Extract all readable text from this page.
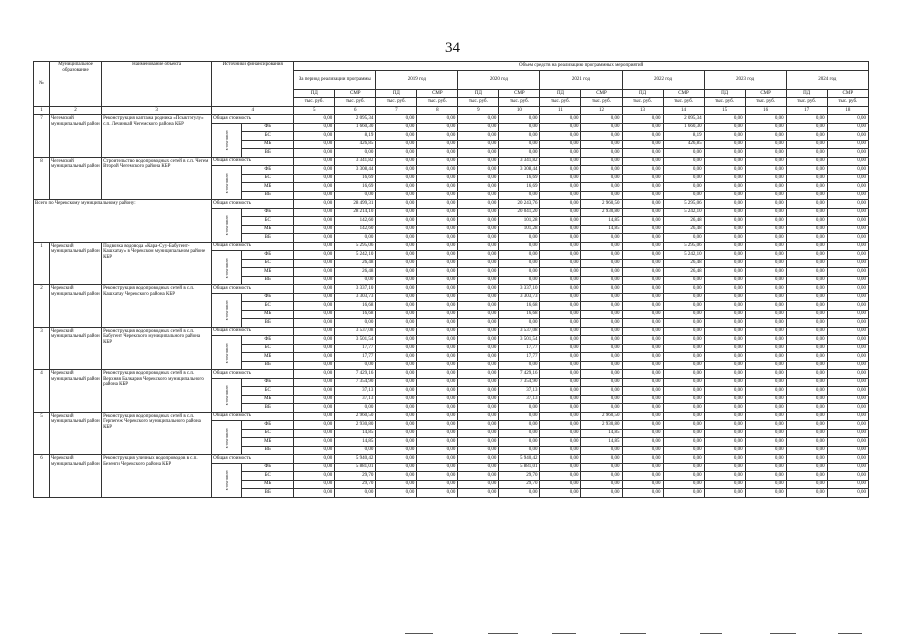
34
№	Муниципальное образование	Наименование объекта	Источники финансирования		Объем средств на реализацию программных мероприятий													
					За период реализации программы		2019 год		2020 год		2021 год		2022 год		2023 год		2024 год	
					ПД	СМР	ПД	СМР	ПД	СМР	ПД	СМР	ПД	СМР	ПД	СМР	ПД	СМР
					тыс. руб.	тыс. руб.	тыс. руб.	тыс. руб.	тыс. руб.	тыс. руб.	тыс. руб.	тыс. руб.	тыс. руб.	тыс. руб.	тыс. руб.	тыс. руб.	тыс. руб.	тыс. руб.
1	2	3	4		5	6	7	8	9	10	11	12	13	14	15	16	17	18
7	Чегемский муниципальный район	Реконструкция каптажа родника «Псыктэгулу» с.п. Лечинкай Чегемского района КБР	Общая стоимость		0,00	2 095,34	0,00	0,00	0,00	0,00	0,00	0,00	0,00	2 095,34	0,00	0,00	0,00	0,00

			в том числе:	ФБ	0,00	1 660,30	0,00	0,00	0,00	0,00	0,00	0,00	0,00	1 660,30	0,00	0,00	0,00	0,00
				БС	0,00	8,19	0,00	0,00	0,00	0,00	0,00	0,00	0,00	8,19	0,00	0,00	0,00	0,00
				МБ	0,00	426,85	0,00	0,00	0,00	0,00	0,00	0,00	0,00	426,85	0,00	0,00	0,00	0,00
				ВБ	0,00	0,00	0,00	0,00	0,00	0,00	0,00	0,00	0,00	0,00	0,00	0,00	0,00	0,00
8	Чегемский муниципальный район	Строительство водопроводных сетей в с.п. Чегем Второй Чегемского района КБР	Общая стоимость		0,00	3 341,82	0,00	0,00	0,00	3 341,82	0,00	0,00	0,00	0,00	0,00	0,00	0,00	0,00

			в том числе:	ФБ	0,00	3 308,44	0,00	0,00	0,00	3 308,44	0,00	0,00	0,00	0,00	0,00	0,00	0,00	0,00
				БС	0,00	16,69	0,00	0,00	0,00	16,69	0,00	0,00	0,00	0,00	0,00	0,00	0,00	0,00
				МБ	0,00	16,69	0,00	0,00	0,00	16,69	0,00	0,00	0,00	0,00	0,00	0,00	0,00	0,00
				ВБ	0,00	0,00	0,00	0,00	0,00	0,00	0,00	0,00	0,00	0,00	0,00	0,00	0,00	0,00
Всего по Черекскому муниципальному району:			Общая стоимость		0,00	28 499,31	0,00	0,00	0,00	20 243,76	0,00	2 960,50	0,00	5 295,06	0,00	0,00	0,00	0,00

			в том числе:	ФБ	0,00	28 214,10	0,00	0,00	0,00	20 041,20	0,00	2 930,80	0,00	5 242,10	0,00	0,00	0,00	0,00
				БС	0,00	142,60	0,00	0,00	0,00	101,28	0,00	14,85	0,00	26,48	0,00	0,00	0,00	0,00
				МБ	0,00	142,60	0,00	0,00	0,00	101,28	0,00	14,85	0,00	26,48	0,00	0,00	0,00	0,00
				ВБ	0,00	0,00	0,00	0,00	0,00	0,00	0,00	0,00	0,00	0,00	0,00	0,00	0,00	0,00
1	Черекский муниципальный район	Подвозка водовода «Кара-Суу-Бабугент-Кашхатау» в Черекском муниципальном районе КБР	Общая стоимость		0,00	5 295,06	0,00	0,00	0,00	0,00	0,00	0,00	0,00	5 295,06	0,00	0,00	0,00	0,00

			в том числе:	ФБ	0,00	5 242,10	0,00	0,00	0,00	0,00	0,00	0,00	0,00	5 242,10	0,00	0,00	0,00	0,00
				БС	0,00	26,48	0,00	0,00	0,00	0,00	0,00	0,00	0,00	26,48	0,00	0,00	0,00	0,00
				МБ	0,00	26,48	0,00	0,00	0,00	0,00	0,00	0,00	0,00	26,48	0,00	0,00	0,00	0,00
				ВБ	0,00	0,00	0,00	0,00	0,00	0,00	0,00	0,00	0,00	0,00	0,00	0,00	0,00	0,00
2	Черекский муниципальный район	Реконструкция водопроводных сетей в с.п. Кашхатау Черекского района КБР	Общая стоимость		0,00	3 337,10	0,00	0,00	0,00	3 337,10	0,00	0,00	0,00	0,00	0,00	0,00	0,00	0,00

			в том числе:	ФБ	0,00	3 303,73	0,00	0,00	0,00	3 303,73	0,00	0,00	0,00	0,00	0,00	0,00	0,00	0,00
				БС	0,00	16,68	0,00	0,00	0,00	16,68	0,00	0,00	0,00	0,00	0,00	0,00	0,00	0,00
				МБ	0,00	16,68	0,00	0,00	0,00	16,68	0,00	0,00	0,00	0,00	0,00	0,00	0,00	0,00
				ВБ	0,00	0,00	0,00	0,00	0,00	0,00	0,00	0,00	0,00	0,00	0,00	0,00	0,00	0,00
3	Черекский муниципальный район	Реконструкция водопроводных сетей в с.п. Бабугент Черекского муниципального района КБР	Общая стоимость		0,00	3 537,08	0,00	0,00	0,00	3 537,08	0,00	0,00	0,00	0,00	0,00	0,00	0,00	0,00

			в том числе:	ФБ	0,00	3 501,54	0,00	0,00	0,00	3 501,54	0,00	0,00	0,00	0,00	0,00	0,00	0,00	0,00
				БС	0,00	17,77	0,00	0,00	0,00	17,77	0,00	0,00	0,00	0,00	0,00	0,00	0,00	0,00
				МБ	0,00	17,77	0,00	0,00	0,00	17,77	0,00	0,00	0,00	0,00	0,00	0,00	0,00	0,00
				ВБ	0,00	0,00	0,00	0,00	0,00	0,00	0,00	0,00	0,00	0,00	0,00	0,00	0,00	0,00
4	Черекский муниципальный район	Реконструкция водопроводных сетей в с.п. Верхняя Балкария Черекского муниципального района КБР	Общая стоимость		0,00	7 429,16	0,00	0,00	0,00	7 429,16	0,00	0,00	0,00	0,00	0,00	0,00	0,00	0,00

			в том числе:	ФБ	0,00	7 354,90	0,00	0,00	0,00	7 354,90	0,00	0,00	0,00	0,00	0,00	0,00	0,00	0,00
				БС	0,00	37,13	0,00	0,00	0,00	37,13	0,00	0,00	0,00	0,00	0,00	0,00	0,00	0,00
				МБ	0,00	37,13	0,00	0,00	0,00	37,13	0,00	0,00	0,00	0,00	0,00	0,00	0,00	0,00
				ВБ	0,00	0,00	0,00	0,00	0,00	0,00	0,00	0,00	0,00	0,00	0,00	0,00	0,00	0,00
5	Черекский муниципальный район	Реконструкция водопроводных сетей в с.п. Герпегеж Черекского муниципального района КБР	Общая стоимость		0,00	2 960,50	0,00	0,00	0,00	0,00	0,00	2 960,50	0,00	0,00	0,00	0,00	0,00	0,00

			в том числе:	ФБ	0,00	2 930,80	0,00	0,00	0,00	0,00	0,00	2 930,80	0,00	0,00	0,00	0,00	0,00	0,00
				БС	0,00	14,85	0,00	0,00	0,00	0,00	0,00	14,85	0,00	0,00	0,00	0,00	0,00	0,00
				МБ	0,00	14,85	0,00	0,00	0,00	0,00	0,00	14,85	0,00	0,00	0,00	0,00	0,00	0,00
				ВБ	0,00	0,00	0,00	0,00	0,00	0,00	0,00	0,00	0,00	0,00	0,00	0,00	0,00	0,00
6	Черекский муниципальный район	Реконструкция уличных водопроводов в с.п. Безенги Черекского района КБР	Общая стоимость		0,00	5 940,42	0,00	0,00	0,00	5 940,42	0,00	0,00	0,00	0,00	0,00	0,00	0,00	0,00

			в том числе:	ФБ	0,00	5 881,01	0,00	0,00	0,00	5 881,01	0,00	0,00	0,00	0,00	0,00	0,00	0,00	0,00
				БС	0,00	29,70	0,00	0,00	0,00	29,70	0,00	0,00	0,00	0,00	0,00	0,00	0,00	0,00
				МБ	0,00	29,70	0,00	0,00	0,00	29,70	0,00	0,00	0,00	0,00	0,00	0,00	0,00	0,00
				ВБ	0,00	0,00	0,00	0,00	0,00	0,00	0,00	0,00	0,00	0,00	0,00	0,00	0,00	0,00
